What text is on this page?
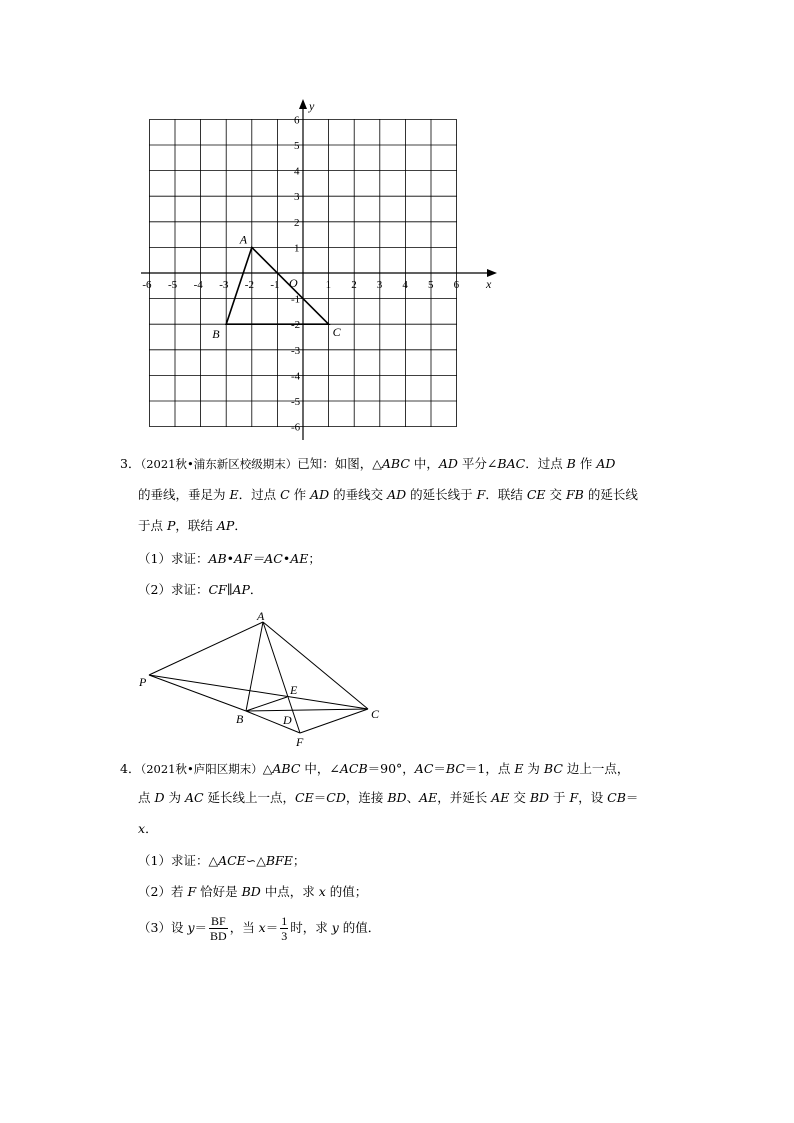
x
y
O
-6 -5 -4 -3 -2 -1	1 2 3 4 5 6
6
5
4
3
2
1
-1
-2
-3
-4
-5
-6
A
B	C

3．（2021秋•浦东新区校级期末）已知：如图，△ABC 中，AD 平分∠BAC．过点 B 作 AD

的垂线，垂足为 E．过点 C 作 AD 的垂线交 AD 的延长线于 F．联结 CE 交 FB 的延长线

于点 P，联结 AP．

（1）求证：AB•AF＝AC•AE；

（2）求证：CF∥AP．

A
P
E
B	D	C
F

4．（2021秋•庐阳区期末）△ABC 中，∠ACB＝90°，AC＝BC＝1，点 E 为 BC 边上一点，

点 D 为 AC 延长线上一点，CE＝CD，连接 BD、AE，并延长 AE 交 BD 于 F，设 CB＝

x．

（1）求证：△ACE∽△BFE；

（2）若 F 恰好是 BD 中点，求 x 的值；

（3）设 $y= \frac{BF}{BD}$ ，当 $x= \frac{1}{3}$ 时，求 y 的值．
